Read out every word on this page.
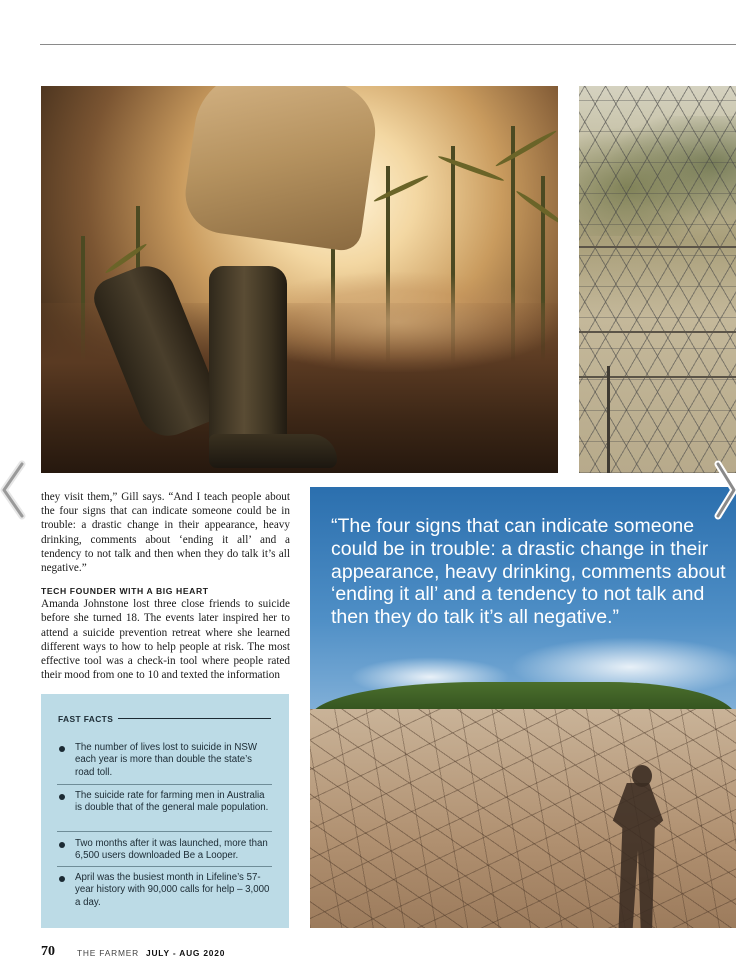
“The four signs that can indicate someone could be in trouble: a drastic change in their appearance, heavy drinking, comments about ‘ending it all’ and a tendency to not talk and then they do talk it’s all negative.”

they visit them,” Gill says. “And I teach people about the four signs that can indicate someone could be in trouble: a drastic change in their appearance, heavy drinking, comments about ‘ending it all’ and a tendency to not talk and then when they do talk it’s all negative.”

TECH FOUNDER WITH A BIG HEART

Amanda Johnstone lost three close friends to suicide before she turned 18. The events later inspired her to attend a suicide prevention retreat where she learned different ways to how to help people at risk. The most effective tool was a check-in tool where people rated their mood from one to 10 and texted the information

FAST FACTS
The number of lives lost to suicide in NSW each year is more than double the state’s road toll.
The suicide rate for farming men in Australia is double that of the general male population.
Two months after it was launched, more than 6,500 users downloaded Be a Looper.
April was the busiest month in Lifeline’s 57-year history with 90,000 calls for help – 3,000 a day.
70	THE FARMER JULY - AUG 2020
